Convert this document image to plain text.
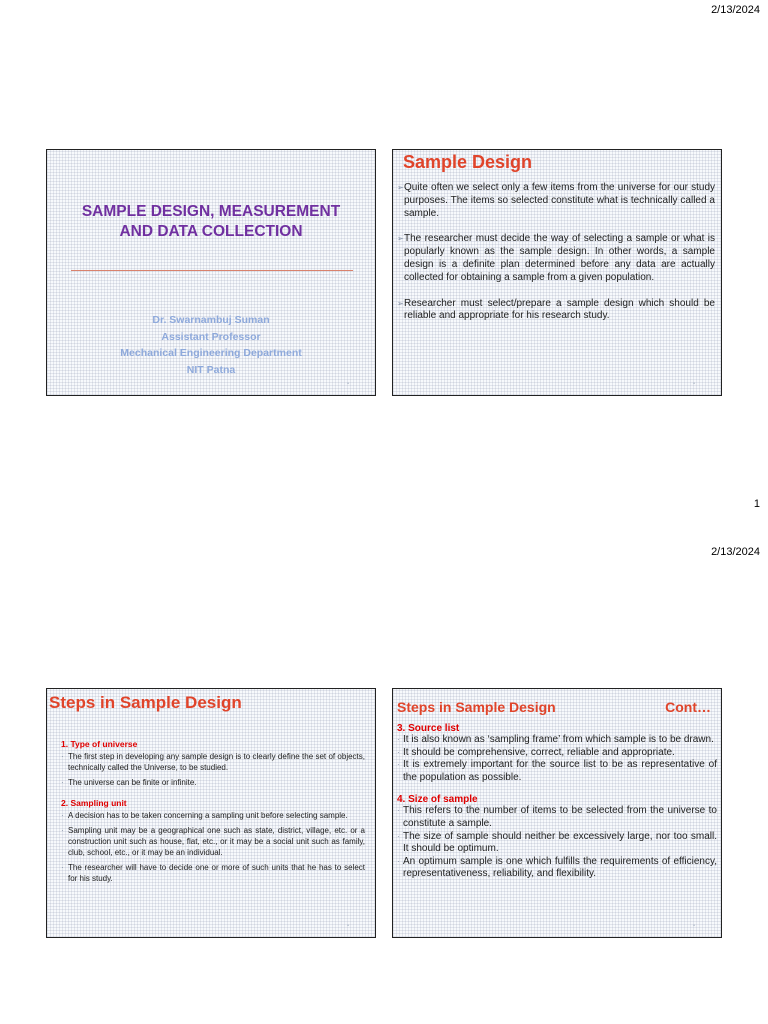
2/13/2024
1
SAMPLE DESIGN, MEASUREMENT
AND DATA COLLECTION
Dr. Swarnambuj Suman
Assistant Professor
Mechanical Engineering Department
NIT Patna
▪
Sample Design
➢ Quite often we select only a few items from the universe for our study purposes. The items so selected constitute what is technically called a sample.
➢ The researcher must decide the way of selecting a sample or what is popularly known as the sample design. In other words, a sample design is a definite plan determined before any data are actually collected for obtaining a sample from a given population.
➢ Researcher must select/prepare a sample design which should be reliable and appropriate for his research study.
▪
2/13/2024
Steps in Sample Design
1. Type of universe
· The first step in developing any sample design is to clearly define the set of objects, technically called the Universe, to be studied.
· The universe can be finite or infinite.
2. Sampling unit
· A decision has to be taken concerning a sampling unit before selecting sample.
· Sampling unit may be a geographical one such as state, district, village, etc. or a construction unit such as house, flat, etc., or it may be a social unit such as family, club, school, etc., or it may be an individual.
· The researcher will have to decide one or more of such units that he has to select for his study.
▪
Steps in Sample Design	Cont…
3. Source list
· It is also known as ‘sampling frame’ from which sample is to be drawn.
· It should be comprehensive, correct, reliable and appropriate.
· It is extremely important for the source list to be as representative of the population as possible.
4. Size of sample
· This refers to the number of items to be selected from the universe to constitute a sample.
· The size of sample should neither be excessively large, nor too small. It should be optimum.
· An optimum sample is one which fulfills the requirements of efficiency, representativeness, reliability, and flexibility.
▪
